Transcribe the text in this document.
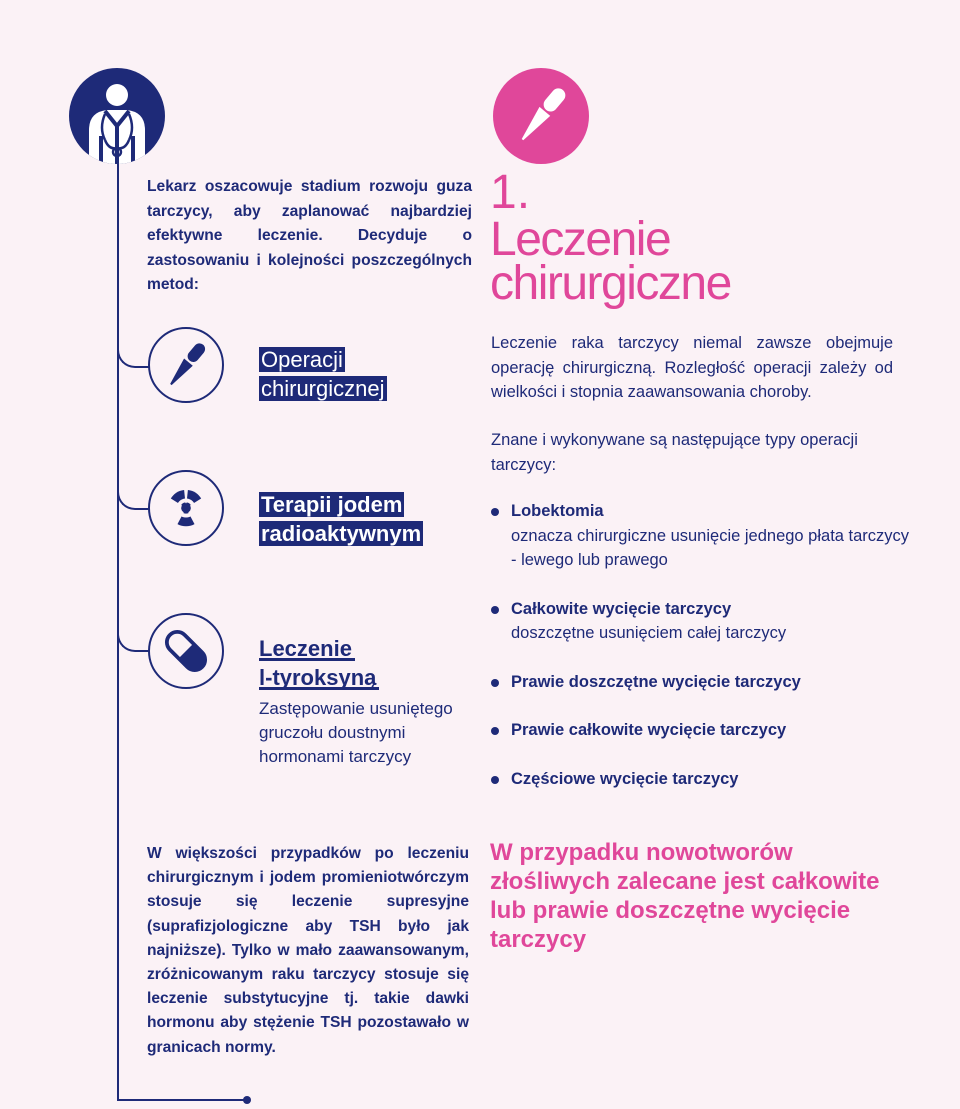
Lekarz oszacowuje stadium rozwoju guza tarczycy, aby zaplanować najbardziej efektywne leczenie. Decyduje o zastosowaniu i kolejności poszczególnych metod:

Operacji
chirurgicznej
Terapii jodem
radioaktywnym
Leczenie
l-tyroksyną

Zastępowanie usuniętego gruczołu doustnymi hormonami tarczycy

1.
Leczenie
chirurgiczne

Leczenie raka tarczycy niemal zawsze obejmuje operację chirurgiczną. Rozległość operacji zależy od wielkości i stopnia zaawansowania choroby.

Znane i wykonywane są następujące typy operacji tarczycy:

Lobektomia
oznacza chirurgiczne usunięcie jednego płata tarczycy - lewego lub prawego
Całkowite wycięcie tarczycy
doszczętne usunięciem całej tarczycy
Prawie doszczętne wycięcie tarczycy
Prawie całkowite wycięcie tarczycy
Częściowe wycięcie tarczycy

W większości przypadków po leczeniu chirurgicznym i jodem promieniotwórczym stosuje się leczenie supresyjne (suprafizjologiczne aby TSH było jak najniższe). Tylko w mało zaawansowanym, zróżnicowanym raku tarczycy stosuje się leczenie substytucyjne tj. takie dawki hormonu aby stężenie TSH pozostawało w granicach normy.

W przypadku nowotworów złośliwych zalecane jest całkowite lub prawie doszczętne wycięcie tarczycy
